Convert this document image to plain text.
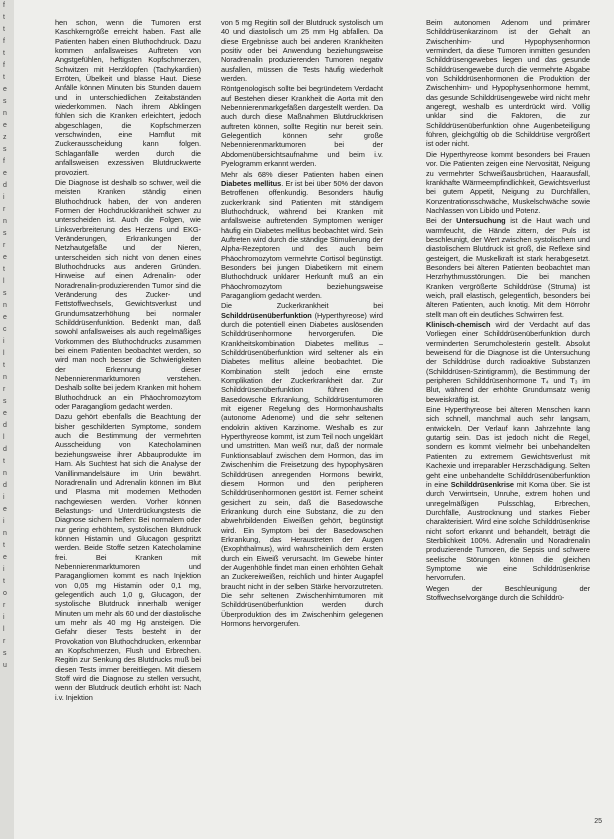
f
t
t
f
t
f
t
e
s
n
e
z
s
f
e
d
i
r
n
s
r
e
t
l
s
n
e
c
i
l
t
n
r
s
e
d
l
d
t
n
d
i
e
i
n
t
e
i
t
o
r
i
l
r
s
u

hen schon, wenn die Tumoren erst Kaschkerngröße erreicht haben. Fast alle Patienten haben einen Bluthochdruck. Dazu kommen anfallsweises Auftreten von Angstgefühlen, heftigsten Kopfschmerzen, Schwitzen mit Herzklopfen (Tachykardien) Erröten, Übelkeit und blasse Haut. Diese Anfälle können Minuten bis Stunden dauern und in unterschiedlichen Zeitabständen wiederkommen. Nach ihrem Abklingen fühlen sich die Kranken erleichtert, jedoch abgeschlagen, die Kopfschmerzen verschwinden, eine Harnflut mit Zuckerausscheidung kann folgen. Schlaganfälle werden durch die anfallsweisen exzessiven Blutdruckwerte provoziert.

Die Diagnose ist deshalb so schwer, weil die meisten Kranken ständig einen Bluthochdruck haben, der von anderen Formen der Hochdruckkrankheit schwer zu unterscheiden ist. Auch die Folgen, wie Linksverbreiterung des Herzens und EKG-Veränderungen, Erkrankungen der Netzhautgefäße und der Nieren, unterscheiden sich nicht von denen eines Bluthochdrucks aus anderen Gründen. Hinweise auf einen Adrenalin- oder Noradrenalin-produzierenden Tumor sind die Veränderung des Zucker- und Fettstoffwechsels, Gewichtsverlust und Grundumsatzerhöhung bei normaler Schilddrüsenfunktion. Bedenkt man, daß sowohl anfallsweises als auch regelmäßiges Vorkommen des Bluthochdrucks zusammen bei einem Patienten beobachtet werden, so wird man noch besser die Schwierigkeiten der Erkennung dieser Nebennierenmarktumoren verstehen. Deshalb sollte bei jedem Kranken mit hohem Bluthochdruck an ein Phäochromozytom oder Paragangliom gedacht werden.

Dazu gehört ebenfalls die Beachtung der bisher geschilderten Symptome, sondern auch die Bestimmung der vermehrten Ausscheidung von Katecholaminen beziehungsweise ihrer Abbauprodukte im Harn. Als Suchtest hat sich die Analyse der Vanillinmandelsäure im Urin bewährt. Noradrenalin und Adrenalin können im Blut und Plasma mit modernen Methoden nachgewiesen werden. Vorher können Belastungs- und Unterdrückungstests die Diagnose sichern helfen: Bei normalem oder nur gering erhöhtem, systolischen Blutdruck können Histamin und Glucagon gespritzt werden. Beide Stoffe setzen Katecholamine frei. Bei Kranken mit Nebennierenmarktumoren und Paragangliomen kommt es nach Injektion von 0,05 mg Histamin oder 0,1 mg, gelegentlich auch 1,0 g, Glucagon, der systolische Blutdruck innerhalb weniger Minuten um mehr als 60 und der diastolische um mehr als 40 mg Hg ansteigen. Die Gefahr dieser Tests besteht in der Provokation von Bluthochdrucken, erkennbar an Kopfschmerzen, Flush und Erbrechen. Regitin zur Senkung des Blutdrucks muß bei diesen Tests immer bereitliegen. Mit diesem Stoff wird die Diagnose zu stellen versucht, wenn der Blutdruck deutlich erhöht ist: Nach i.v. Injektion

von 5 mg Regitin soll der Blutdruck systolisch um 40 und diastolisch um 25 mm Hg abfallen. Da diese Ergebnisse auch bei anderen Krankheiten positiv oder bei Anwendung beziehungsweise Noradrenalin produzierenden Tumoren negativ ausfallen, müssen die Tests häufig wiederholt werden.

Röntgenologisch sollte bei begründetem Verdacht auf Bestehen dieser Krankheit die Aorta mit den Nebennierenmarkgefäßen dargestellt werden. Da auch durch diese Maßnahmen Blutdruckkrisen auftreten können, sollte Regitin nur bereit sein. Gelegentlich können sehr große Nebennierenmarktumoren bei der Abdomenübersichtsaufnahme und beim i.v. Pyelogramm erkannt werden.

Mehr als 68% dieser Patienten haben einen Diabetes mellitus. Er ist bei über 50% der davon Betroffenen offenkundig. Besonders häufig zuckerkrank sind Patienten mit ständigem Bluthochdruck, während bei Kranken mit anfallsweise auftretenden Symptomen weniger häufig ein Diabetes mellitus beobachtet wird. Sein Auftreten wird durch die ständige Stimulierung der Alpha-Rezeptoren und des auch beim Phäochromozytom vermehrte Cortisol begünstigt. Besonders bei jungen Diabetikern mit einem Bluthochdruck unklarer Herkunft muß an ein Phäochromozytom beziehungsweise Paragangliom gedacht werden.

Die Zuckerkrankheit bei Schilddrüsenüberfunktion (Hyperthyreose) wird durch die potentiell einen Diabetes auslösenden Schilddrüsenhormone hervorgerufen. Die Krankheitskombination Diabetes mellitus – Schilddrüsenüberfunktion wird seltener als ein Diabetes mellitus alleine beobachtet. Die Kombination stellt jedoch eine ernste Komplikation der Zuckerkrankheit dar. Zur Schilddrüsenüberfunktion führen die Basedowsche Erkrankung, Schilddrüsentumoren mit eigener Regelung des Hormonhaushalts (autonome Adenome) und die sehr seltenen endokrin aktiven Karzinome. Weshalb es zur Hyperthyreose kommt, ist zum Teil noch ungeklärt und umstritten. Man weiß nur, daß der normale Funktionsablauf zwischen dem Hormon, das im Zwischenhirn die Freisetzung des hypophysären Schilddrüsen anregenden Hormons bewirkt, diesem Hormon und den peripheren Schilddrüsenhormonen gestört ist. Ferner scheint gesichert zu sein, daß die Basedowsche Erkrankung durch eine Substanz, die zu den abwehrbildenden Eiweißen gehört, begünstigt wird. Ein Symptom bei der Basedowschen Erkrankung, das Heraustreten der Augen (Exophthalmus), wird wahrscheinlich dem ersten durch ein Eiweiß verursacht. Im Gewebe hinter der Augenhöhle findet man einen erhöhten Gehalt an Zuckereiweißen, reichlich und hinter Augapfel braucht nicht in der selben Stärke hervorzutreten. Die sehr seltenen Zwischenhirntumoren mit Schilddrüsenüberfunktion werden durch Überproduktion des im Zwischenhirn gelegenen Hormons hervorgerufen.

Beim autonomen Adenom und primärer Schilddrüsenkarzinom ist der Gehalt an Zwischenhirn- und Hypophysenhormon vermindert, da diese Tumoren inmitten gesunden Schilddrüsengewebes liegen und das gesunde Schilddrüsengewebe durch die vermehrte Abgabe von Schilddrüsenhormonen die Produktion der Zwischenhirn- und Hypophysenhormone hemmt, das gesunde Schilddrüsengewebe wird nicht mehr angeregt, weshalb es unterdrückt wird. Völlig unklar sind die Faktoren, die zur Schilddrüsenüberfunktion ohne Augenbeteiligung führen, gleichgültig ob die Schilddrüse vergrößert ist oder nicht.

Die Hyperthyreose kommt besonders bei Frauen vor. Die Patienten zeigen eine Nervosität, Neigung zu vermehrter Schweißausbrüchen, Haarausfall, krankhafte Wärmeempfindlichkeit, Gewichtsverlust bei gutem Appetit, Neigung zu Durchfällen, Konzentrationsschwäche, Muskelschwäche sowie Nachlassen von Libido und Potenz.

Bei der Untersuchung ist die Haut wach und warmfeucht, die Hände zittern, der Puls ist beschleunigt, der Wert zwischen systolischem und diastolischem Blutdruck ist groß, die Reflexe sind gesteigert, die Muskelkraft ist stark herabgesetzt. Besonders bei älteren Patienten beobachtet man Herzrhythmusstörungen. Die bei manchen Kranken vergrößerte Schilddrüse (Struma) ist weich, prall elastisch, gelegentlich, besonders bei älteren Patienten, auch knotig. Mit dem Hörrohr stellt man oft ein deutliches Schwirren fest.

Klinisch-chemisch wird der Verdacht auf das Vorliegen einer Schilddrüsenüberfunktion durch verminderten Serumcholesterin gestellt. Absolut beweisend für die Diagnose ist die Untersuchung der Schilddrüse durch radioaktive Substanzen (Schilddrüsen-Szintigramm), die Bestimmung der peripheren Schilddrüsenhormone T₄ und T₃ im Blut, während der erhöhte Grundumsatz wenig beweiskräftig ist.

Eine Hyperthyreose bei älteren Menschen kann sich schnell, manchmal auch sehr langsam, entwickeln. Der Verlauf kann Jahrzehnte lang gutartig sein. Das ist jedoch nicht die Regel, sondern es kommt vielmehr bei unbehandelten Patienten zu extremem Gewichtsverlust mit Kachexie und irreparabler Herzschädigung. Selten geht eine unbehandelte Schilddrüsenüberfunktion in eine Schilddrüsenkrise mit Koma über. Sie ist durch Verwirrtsein, Unruhe, extrem hohen und unregelmäßigen Pulsschlag, Erbrechen, Durchfälle, Austrocknung und starkes Fieber charakterisiert. Wird eine solche Schilddrüsenkrise nicht sofort erkannt und behandelt, beträgt die Sterblichkeit 100%. Adrenalin und Noradrenalin produzierende Tumoren, die Sepsis und schwere seelische Störungen können die gleichen Symptome wie eine Schilddrüsenkrise hervorrufen.

Wegen der Beschleunigung der Stoffwechselvorgänge durch die Schilddrü-

25
